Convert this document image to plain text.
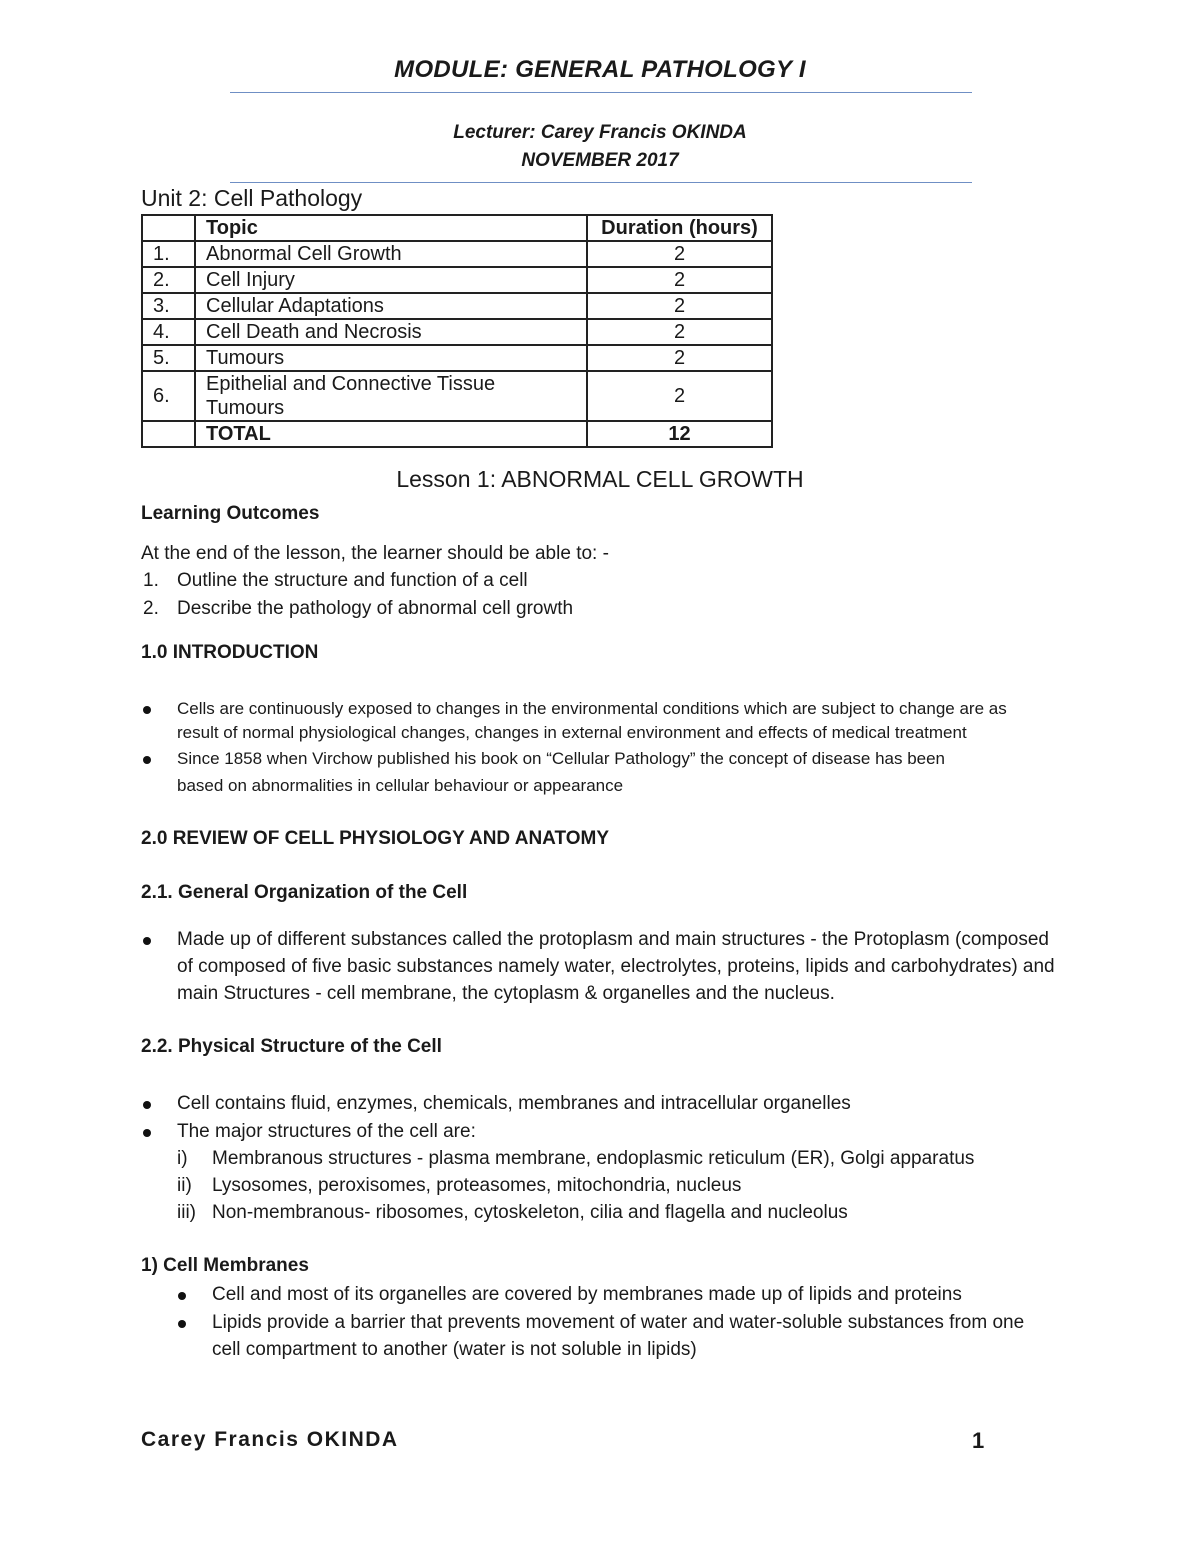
MODULE: GENERAL PATHOLOGY I
Lecturer: Carey Francis OKINDA
NOVEMBER 2017
Unit 2: Cell Pathology
	Topic	Duration (hours)
1.	Abnormal Cell Growth	2
2.	Cell Injury	2
3.	Cellular Adaptations	2
4.	Cell Death and Necrosis	2
5.	Tumours	2
6.	Epithelial and Connective Tissue Tumours	2
	TOTAL	12
Lesson 1: ABNORMAL CELL GROWTH
Learning Outcomes
At the end of the lesson, the learner should be able to: -
1. Outline the structure and function of a cell
2. Describe the pathology of abnormal cell growth
1.0 INTRODUCTION
Cells are continuously exposed to changes in the environmental conditions which are subject to change are as
result of normal physiological changes, changes in external environment and effects of medical treatment
Since 1858 when Virchow published his book on “Cellular Pathology” the concept of disease has been
based on abnormalities in cellular behaviour or appearance
2.0 REVIEW OF CELL PHYSIOLOGY AND ANATOMY
2.1. General Organization of the Cell
Made up of different substances called the protoplasm and main structures - the Protoplasm (composed
of composed of five basic substances namely water, electrolytes, proteins, lipids and carbohydrates) and
main Structures - cell membrane, the cytoplasm & organelles and the nucleus.
2.2. Physical Structure of the Cell
Cell contains fluid, enzymes, chemicals, membranes and intracellular organelles
The major structures of the cell are:
i) Membranous structures - plasma membrane, endoplasmic reticulum (ER), Golgi apparatus
ii) Lysosomes, peroxisomes, proteasomes, mitochondria, nucleus
iii) Non-membranous- ribosomes, cytoskeleton, cilia and flagella and nucleolus
1) Cell Membranes
Cell and most of its organelles are covered by membranes made up of lipids and proteins
Lipids provide a barrier that prevents movement of water and water-soluble substances from one
cell compartment to another (water is not soluble in lipids)
Carey Francis OKINDA	1
